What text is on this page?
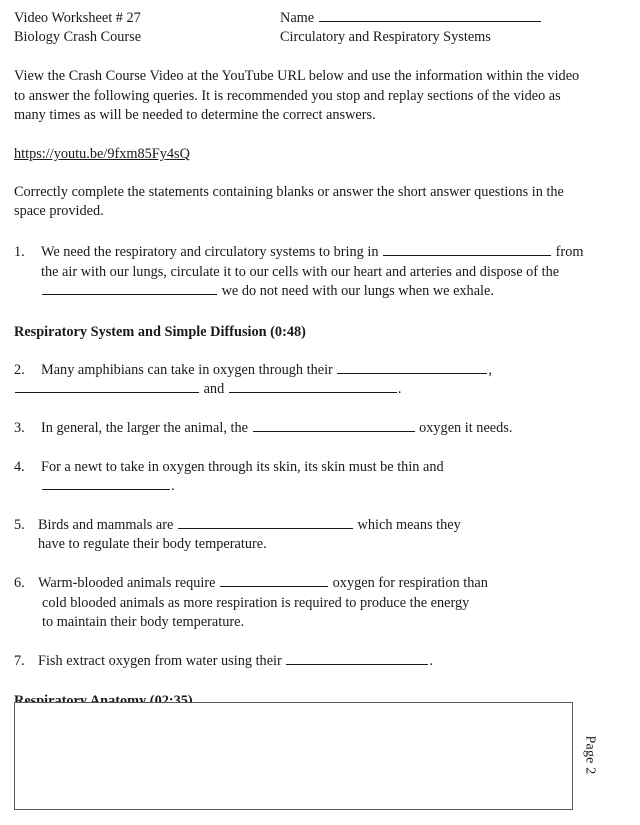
Video Worksheet # 27	Name
Biology Crash Course	Circulatory and Respiratory Systems

View the Crash Course Video at the YouTube URL below and use the information within the video to answer the following queries. It is recommended you stop and replay sections of the video as many times as will be needed to determine the correct answers.

https://youtu.be/9fxm85Fy4sQ

Correctly complete the statements containing blanks or answer the short answer questions in the space provided.

1.	We need the respiratory and circulatory systems to bring in	from the air with our lungs, circulate it to our cells with our heart and arteries and dispose of the  we do not need with our lungs when we exhale.
Respiratory System and Simple Diffusion (0:48)
2.	Many amphibians can take in oxygen through their	,
and	.
3.	In general, the larger the animal, the	oxygen it needs.
4.	For a newt to take in oxygen through its skin, its skin must be thin and
.
5. Birds and mammals are	which means they
have to regulate their body temperature.
6. Warm-blooded animals require	oxygen for respiration than
cold blooded animals as more respiration is required to produce the energy
to maintain their body temperature.
7. Fish extract oxygen from water using their	.
Page 2
